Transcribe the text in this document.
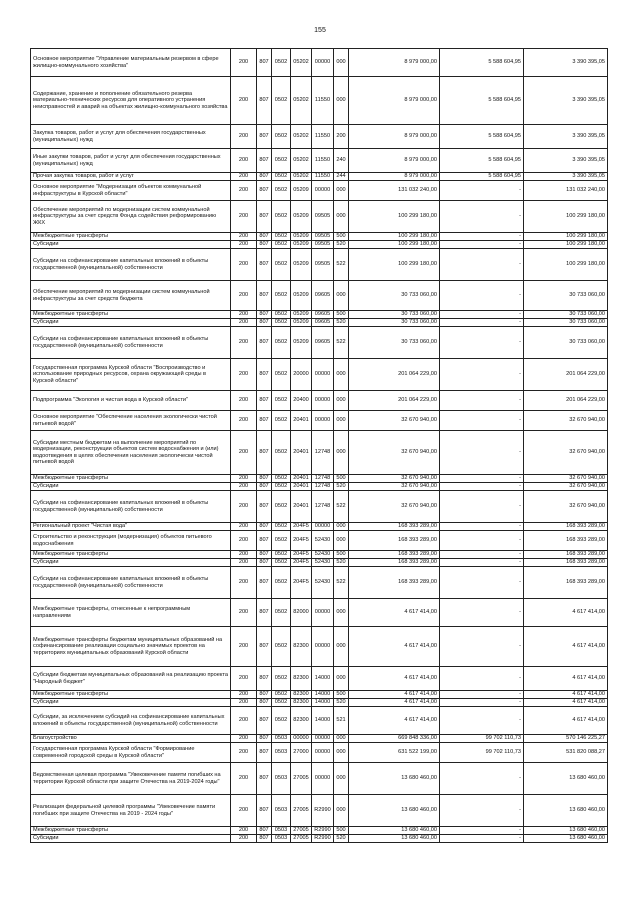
155
Основное мероприятие "Управление материальным резервом в сфере жилищно-коммунального хозяйства"	200	807	0502	05202	00000	000	8 979 000,00	5 588 604,95	3 390 395,05
Содержание, хранение и пополнение обязательного резерва материально-технических ресурсов для оперативного устранения неисправностей и аварий на объектах жилищно-коммунального хозяйства	200	807	0502	05202	11550	000	8 979 000,00	5 588 604,95	3 390 395,05
Закупка товаров, работ и услуг для обеспечения государственных (муниципальных) нужд	200	807	0502	05202	11550	200	8 979 000,00	5 588 604,95	3 390 395,05
Иные закупки товаров, работ и услуг для обеспечения государственных (муниципальных) нужд	200	807	0502	05202	11550	240	8 979 000,00	5 588 604,95	3 390 395,05
Прочая закупка товаров, работ и услуг	200	807	0502	05202	11550	244	8 979 000,00	5 588 604,95	3 390 395,05
Основное мероприятие "Модернизация объектов коммунальной инфраструктуры в Курской области"	200	807	0502	05209	00000	000	131 032 240,00	-	131 032 240,00
Обеспечение мероприятий по модернизации систем коммунальной инфраструктуры за счет средств Фонда содействия реформированию ЖКХ	200	807	0502	05209	09505	000	100 299 180,00	-	100 299 180,00
Межбюджетные трансферты	200	807	0502	05209	09505	500	100 299 180,00	-	100 299 180,00
Субсидии	200	807	0502	05209	09505	520	100 299 180,00	-	100 299 180,00
Субсидии на софинансирование капитальных вложений в объекты государственной (муниципальной) собственности	200	807	0502	05209	09505	522	100 299 180,00	-	100 299 180,00
Обеспечение мероприятий по модернизации систем коммунальной инфраструктуры за счет средств бюджета	200	807	0502	05209	09605	000	30 733 060,00	-	30 733 060,00
Межбюджетные трансферты	200	807	0502	05209	09605	500	30 733 060,00	-	30 733 060,00
Субсидии	200	807	0502	05209	09605	520	30 733 060,00	-	30 733 060,00
Субсидии на софинансирование капитальных вложений в объекты государственной (муниципальной) собственности	200	807	0502	05209	09605	522	30 733 060,00	-	30 733 060,00
Государственная программа Курской области "Воспроизводство и использование природных ресурсов, охрана окружающей среды в Курской области"	200	807	0502	20000	00000	000	201 064 229,00	-	201 064 229,00
Подпрограмма "Экология и чистая вода в Курской области"	200	807	0502	20400	00000	000	201 064 229,00	-	201 064 229,00
Основное мероприятие "Обеспечение населения экологически чистой питьевой водой"	200	807	0502	20401	00000	000	32 670 940,00	-	32 670 940,00
Субсидии местным бюджетам на выполнение мероприятий по модернизации, реконструкции объектов систем водоснабжения и (или) водоотведения в целях обеспечения населения экологически чистой питьевой водой	200	807	0502	20401	12748	000	32 670 940,00	-	32 670 940,00
Межбюджетные трансферты	200	807	0502	20401	12748	500	32 670 940,00	-	32 670 940,00
Субсидии	200	807	0502	20401	12748	520	32 670 940,00	-	32 670 940,00
Субсидии на софинансирование капитальных вложений в объекты государственной (муниципальной) собственности	200	807	0502	20401	12748	522	32 670 940,00	-	32 670 940,00
Региональный проект "Чистая вода"	200	807	0502	204F5	00000	000	168 393 289,00	-	168 393 289,00
Строительство и реконструкция (модернизация) объектов питьевого водоснабжения	200	807	0502	204F5	52430	000	168 393 289,00	-	168 393 289,00
Межбюджетные трансферты	200	807	0502	204F5	52430	500	168 393 289,00	-	168 393 289,00
Субсидии	200	807	0502	204F5	52430	520	168 393 289,00	-	168 393 289,00
Субсидии на софинансирование капитальных вложений в объекты государственной (муниципальной) собственности	200	807	0502	204F5	52430	522	168 393 289,00	-	168 393 289,00
Межбюджетные трансферты, отнесенные к непрограммным направлениям	200	807	0502	82000	00000	000	4 617 414,00	-	4 617 414,00
Межбюджетные трансферты бюджетам муниципальных образований на софинансирование реализации социально значимых проектов на территориях муниципальных образований Курской области	200	807	0502	82300	00000	000	4 617 414,00	-	4 617 414,00
Субсидии бюджетам муниципальных образований на реализацию проекта "Народный бюджет"	200	807	0502	82300	14000	000	4 617 414,00	-	4 617 414,00
Межбюджетные трансферты	200	807	0502	82300	14000	500	4 617 414,00	-	4 617 414,00
Субсидии	200	807	0502	82300	14000	520	4 617 414,00	-	4 617 414,00
Субсидии, за исключением субсидий на софинансирование капитальных вложений в объекты государственной (муниципальной) собственности	200	807	0502	82300	14000	521	4 617 414,00	-	4 617 414,00
Благоустройство	200	807	0503	00000	00000	000	669 848 336,00	99 702 110,73	570 146 225,27
Государственная программа Курской области "Формирование современной городской среды в Курской области"	200	807	0503	27000	00000	000	631 522 199,00	99 702 110,73	531 820 088,27
Ведомственная целевая программа "Увековечение памяти погибших на территории Курской области при защите Отечества на 2019-2024 годы"	200	807	0503	27005	00000	000	13 680 460,00	-	13 680 460,00
Реализация федеральной целевой программы "Увековечение памяти погибших при защите Отечества на 2019 - 2024 годы"	200	807	0503	27005	R2990	000	13 680 460,00	-	13 680 460,00
Межбюджетные трансферты	200	807	0503	27005	R2990	500	13 680 460,00	-	13 680 460,00
Субсидии	200	807	0503	27005	R2990	520	13 680 460,00	-	13 680 460,00
